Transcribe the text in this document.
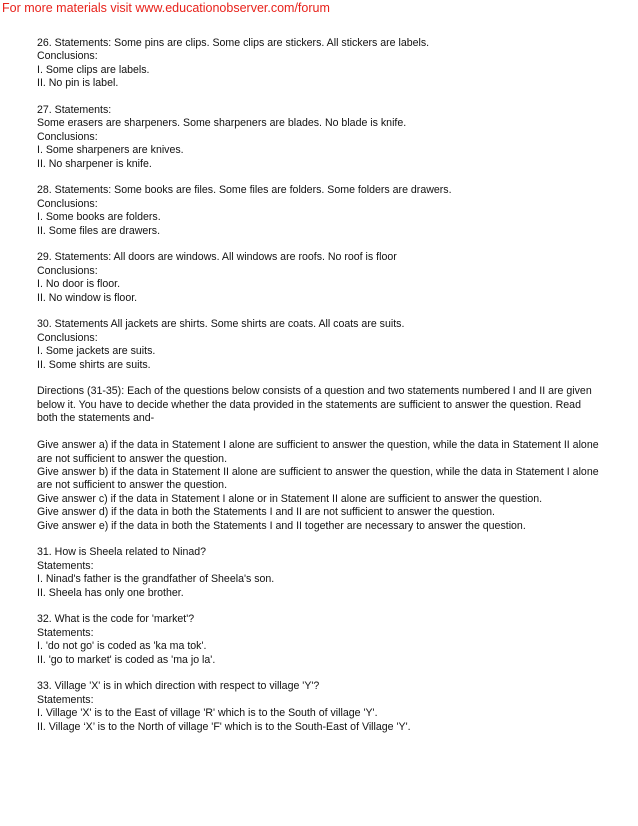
For more materials visit www.educationobserver.com/forum
26. Statements: Some pins are clips. Some clips are stickers. All stickers are labels.
Conclusions:
I. Some clips are labels.
II. No pin is label.
27. Statements:
Some erasers are sharpeners. Some sharpeners are blades. No blade is knife.
Conclusions:
I. Some sharpeners are knives.
II. No sharpener is knife.
28. Statements: Some books are files. Some files are folders. Some folders are drawers.
Conclusions:
I. Some books are folders.
II. Some files are drawers.
29. Statements: All doors are windows. All windows are roofs. No roof is floor
Conclusions:
I. No door is floor.
II. No window is floor.
30. Statements All jackets are shirts. Some shirts are coats. All coats are suits.
Conclusions:
I. Some jackets are suits.
II. Some shirts are suits.
Directions (31-35): Each of the questions below consists of a question and two statements numbered I and II are given below it. You have to decide whether the data provided in the statements are sufficient to answer the question. Read both the statements and-
Give answer a) if the data in Statement I alone are sufficient to answer the question, while the data in Statement II alone are not sufficient to answer the question.
Give answer b) if the data in Statement II alone are sufficient to answer the question, while the data in Statement I alone are not sufficient to answer the question.
Give answer c) if the data in Statement I alone or in Statement II alone are sufficient to answer the question.
Give answer d) if the data in both the Statements I and II are not sufficient to answer the question.
Give answer e) if the data in both the Statements I and II together are necessary to answer the question.
31. How is Sheela related to Ninad?
Statements:
I. Ninad's father is the grandfather of Sheela's son.
II. Sheela has only one brother.
32. What is the code for 'market'?
Statements:
I. 'do not go' is coded as 'ka ma tok'.
II. 'go to market' is coded as 'ma jo la'.
33. Village 'X' is in which direction with respect to village 'Y'?
Statements:
I. Village 'X' is to the East of village 'R' which is to the South of village 'Y'.
II. Village ‘X’ is to the North of village 'F' which is to the South-East of Village 'Y'.
